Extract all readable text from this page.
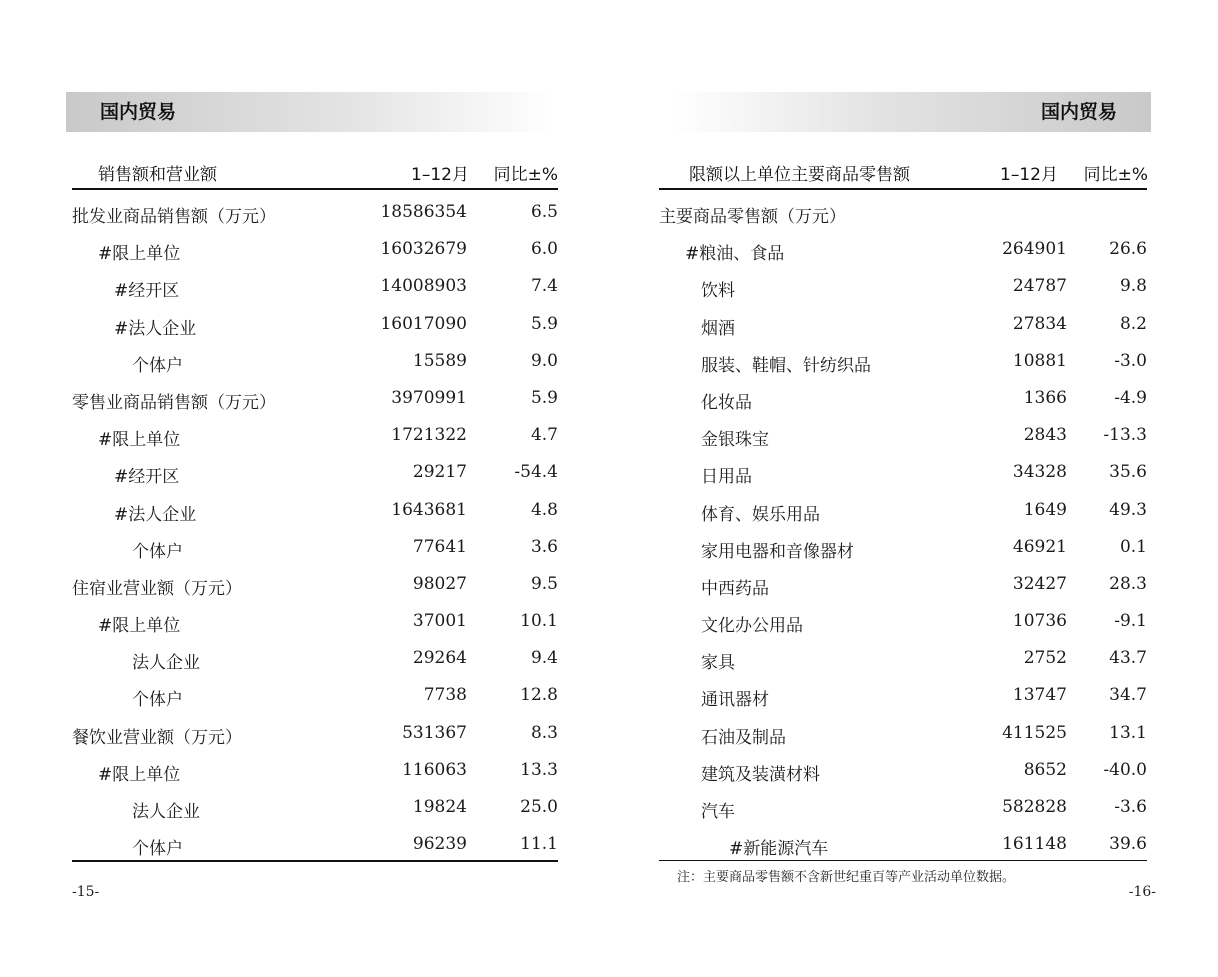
国内贸易
销售额和营业额	1–12月 同比±%
批发业商品销售额（万元）	18586354	6.5
#限上单位	16032679	6.0
#经开区	14008903	7.4
#法人企业	16017090	5.9
个体户	15589	9.0
零售业商品销售额（万元）	3970991	5.9
#限上单位	1721322	4.7
#经开区	29217	-54.4
#法人企业	1643681	4.8
个体户	77641	3.6
住宿业营业额（万元）	98027	9.5
#限上单位	37001	10.1
法人企业	29264	9.4
个体户	7738	12.8
餐饮业营业额（万元）	531367	8.3
#限上单位	116063	13.3
法人企业	19824	25.0
个体户	96239	11.1
-15-
国内贸易
限额以上单位主要商品零售额	1–12月 同比±%
主要商品零售额（万元）
#粮油、食品	264901 26.6
饮料	24787	9.8
烟酒	27834	8.2
服装、鞋帽、针纺织品	10881	-3.0
化妆品	1366	-4.9
金银珠宝	2843 -13.3
日用品	34328 35.6
体育、娱乐用品	1649 49.3
家用电器和音像器材	46921	0.1
中西药品	32427 28.3
文化办公用品	10736	-9.1
家具	2752 43.7
通讯器材	13747 34.7
石油及制品	411525 13.1
建筑及装潢材料	8652 -40.0
汽车	582828	-3.6
#新能源汽车	161148 39.6
注：主要商品零售额不含新世纪重百等产业活动单位数据。
-16-
